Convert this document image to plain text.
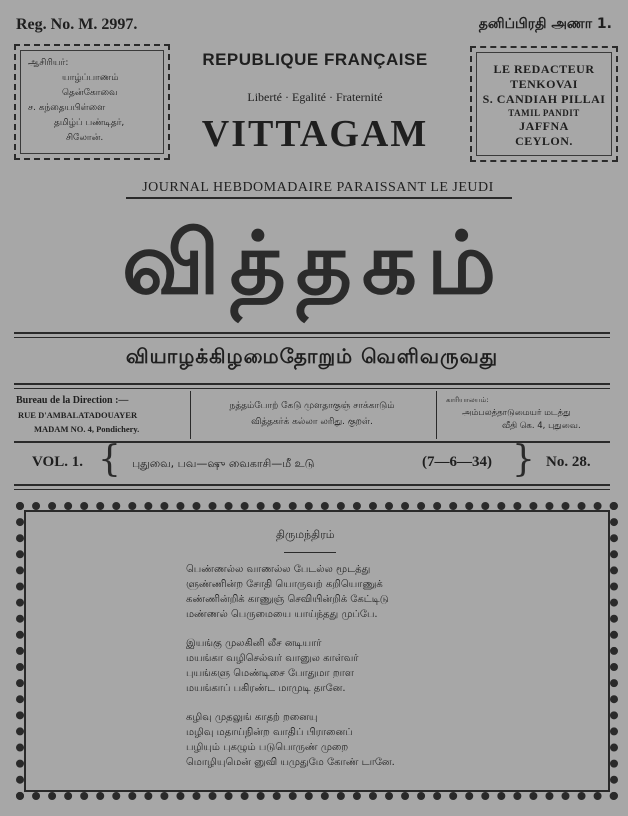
Reg. No. M. 2997.	தனிப்பிரதி அணா 1.
ஆசிரியர்:
யாழ்ப்பாணம்
தென்கோவை
ச. கந்தையபிள்ளை
தமிழ்ப் பண்டிதர்,
சிலோன்.
LE REDACTEUR
TENKOVAI
S. CANDIAH PILLAI
TAMIL PANDIT
JAFFNA
CEYLON.
REPUBLIQUE FRANÇAISE
Liberté · Egalité · Fraternité
VITTAGAM
JOURNAL HEBDOMADAIRE PARAISSANT LE JEUDI
வித்தகம்
வியாழக்கிழமைதோறும் வெளிவருவது
Bureau de la Direction :—
RUE D'AMBALATADOUAYER
MADAM NO. 4, Pondichery.
நத்தம்போற் கேடு முளதாகுஞ் சாக்காடும்
வித்தகர்க் கல்லா லரிது. குறள்.
காரியாலயம்:
அம்பலத்தாடுமையர் மடத்து
வீதி கெ. 4, புதுவை.
VOL. 1. { புதுவை, பவ—ஷு வைகாசி—மீ உடு	(7—6—34) } No. 28.
திருமந்திரம்
பெண்ணல்ல வாணல்ல பேடல்ல மூடத்து
ளுண்ணின்ற சோதி யொருவற் கறியொணுக்
கண்ணின்றிக் காணுஞ் செவியின்றிக் கேட்டிடு
மண்ணல் பெருமையை யாய்ந்தது முப்பே.
இயங்கு முலகினி லீச னடியார்
மயங்கா வழிசெல்வர் வானுல காள்வர்
புயங்களு மெண்டிசை போதுமா றாள
மயங்காப் பகிரண்ட மாமுடி தானே.
கழிவு முதலுங் காதற் றனையு
மழிவு மதாய்நின்ற வாதிப் பிரானைப்
பழியும் புகழும் படுபொருண் முறை
மொழியுமென் னுவி யமுதுமே கோண் டானே.
